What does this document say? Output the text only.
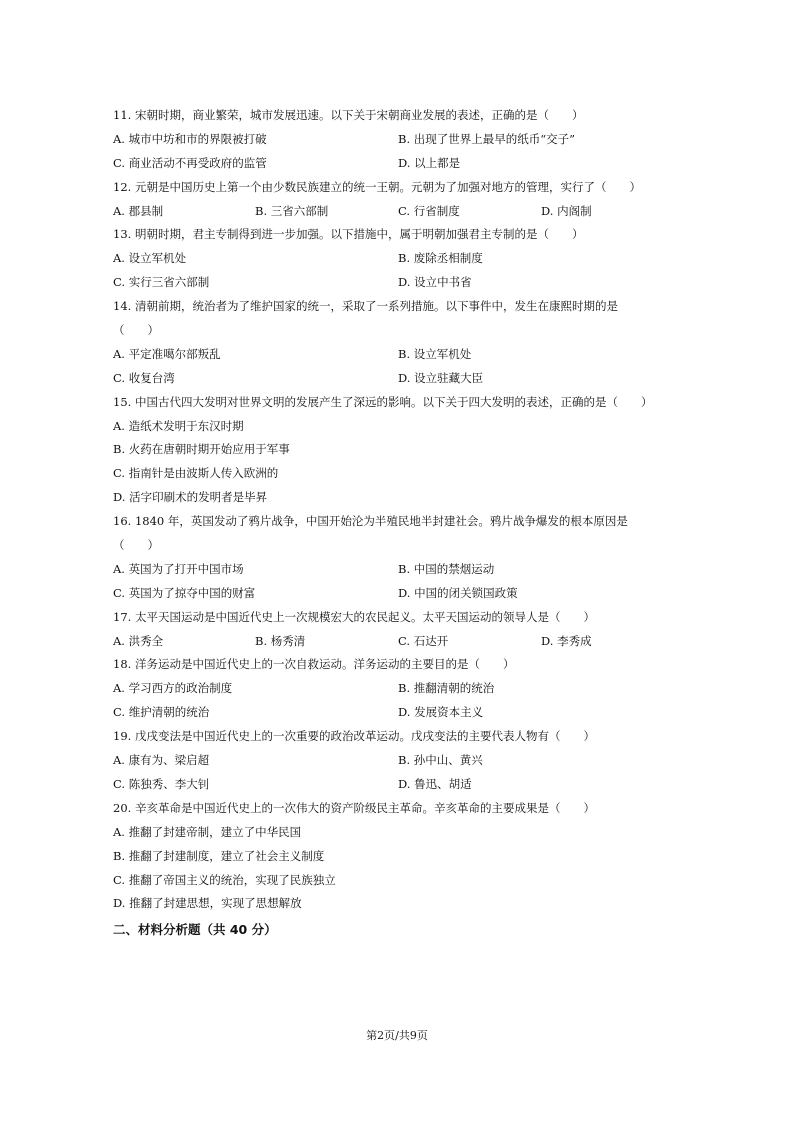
11. 宋朝时期，商业繁荣，城市发展迅速。以下关于宋朝商业发展的表述，正确的是（　　）
A. 城市中坊和市的界限被打破	B. 出现了世界上最早的纸币“交子”
C. 商业活动不再受政府的监管	D. 以上都是
12. 元朝是中国历史上第一个由少数民族建立的统一王朝。元朝为了加强对地方的管理，实行了（　　）
A. 郡县制	B. 三省六部制	C. 行省制度	D. 内阁制
13. 明朝时期，君主专制得到进一步加强。以下措施中，属于明朝加强君主专制的是（　　）
A. 设立军机处	B. 废除丞相制度
C. 实行三省六部制	D. 设立中书省
14. 清朝前期，统治者为了维护国家的统一，采取了一系列措施。以下事件中，发生在康熙时期的是
（　　）
A. 平定准噶尔部叛乱	B. 设立军机处
C. 收复台湾	D. 设立驻藏大臣
15. 中国古代四大发明对世界文明的发展产生了深远的影响。以下关于四大发明的表述，正确的是（　　）
A. 造纸术发明于东汉时期
B. 火药在唐朝时期开始应用于军事
C. 指南针是由波斯人传入欧洲的
D. 活字印刷术的发明者是毕昇
16. 1840 年，英国发动了鸦片战争，中国开始沦为半殖民地半封建社会。鸦片战争爆发的根本原因是
（　　）
A. 英国为了打开中国市场	B. 中国的禁烟运动
C. 英国为了掠夺中国的财富	D. 中国的闭关锁国政策
17. 太平天国运动是中国近代史上一次规模宏大的农民起义。太平天国运动的领导人是（　　）
A. 洪秀全	B. 杨秀清	C. 石达开	D. 李秀成
18. 洋务运动是中国近代史上的一次自救运动。洋务运动的主要目的是（　　）
A. 学习西方的政治制度	B. 推翻清朝的统治
C. 维护清朝的统治	D. 发展资本主义
19. 戊戌变法是中国近代史上的一次重要的政治改革运动。戊戌变法的主要代表人物有（　　）
A. 康有为、梁启超	B. 孙中山、黄兴
C. 陈独秀、李大钊	D. 鲁迅、胡适
20. 辛亥革命是中国近代史上的一次伟大的资产阶级民主革命。辛亥革命的主要成果是（　　）
A. 推翻了封建帝制，建立了中华民国
B. 推翻了封建制度，建立了社会主义制度
C. 推翻了帝国主义的统治，实现了民族独立
D. 推翻了封建思想，实现了思想解放
二、材料分析题（共 40 分）
第2页/共9页
